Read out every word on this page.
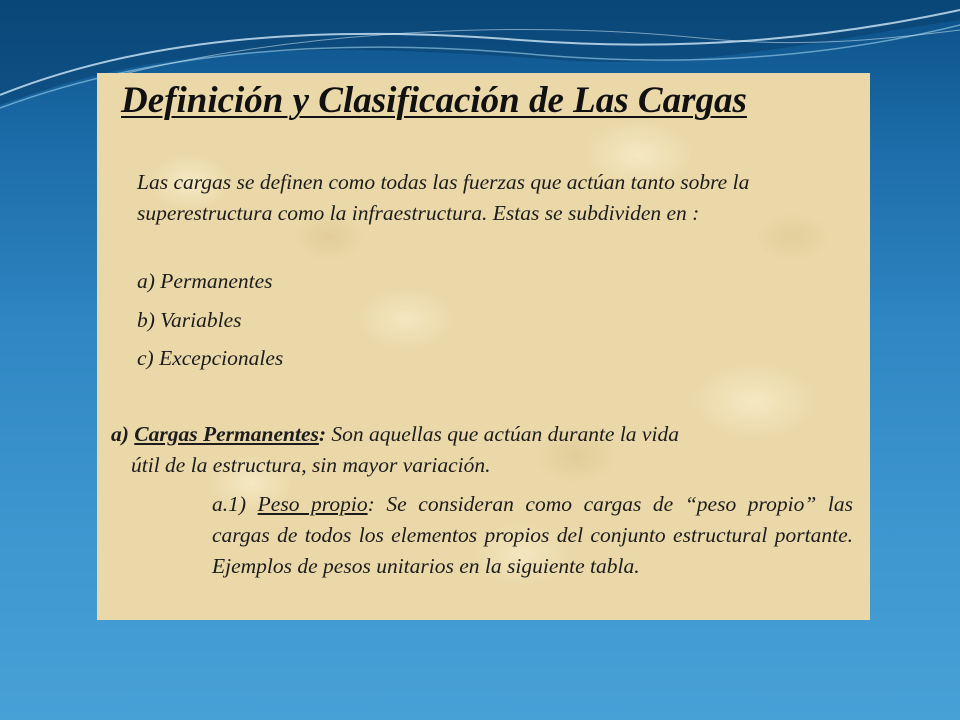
Definición y Clasificación de Las Cargas
Las cargas se definen como todas las fuerzas que actúan tanto sobre la superestructura como la infraestructura. Estas se subdividen en :
a) Permanentes
b) Variables
c) Excepcionales
a) Cargas Permanentes: Son aquellas que actúan durante la vida
útil de la estructura, sin mayor variación.
a.1) Peso propio: Se consideran como cargas de “peso propio” las cargas de todos los elementos propios del conjunto estructural portante. Ejemplos de pesos unitarios en la siguiente tabla.
